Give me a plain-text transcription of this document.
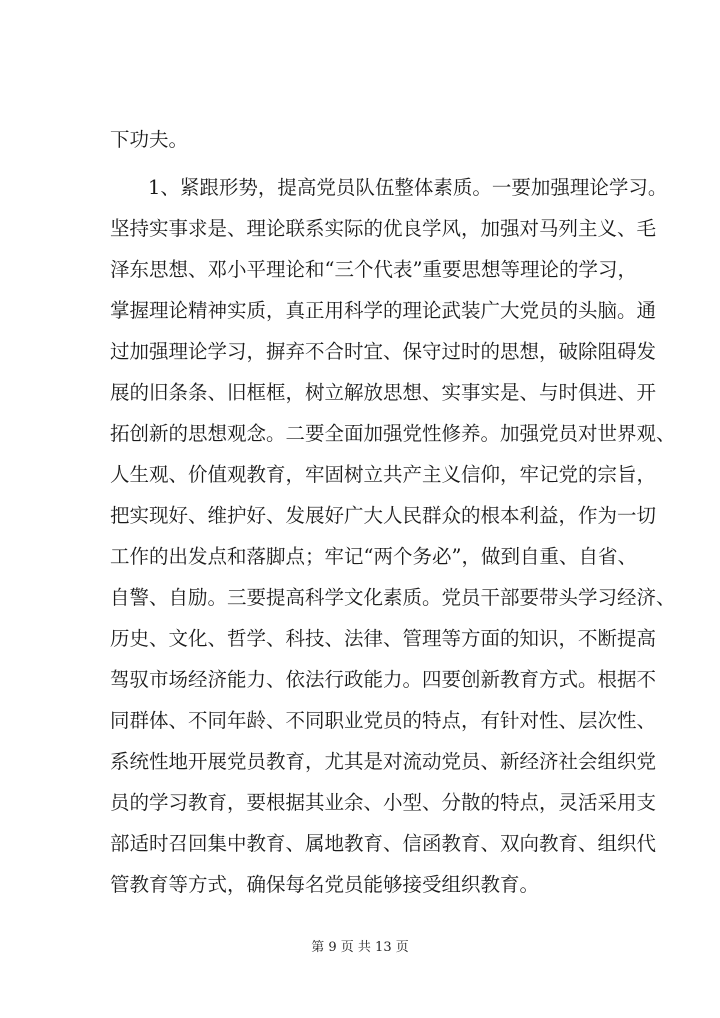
下功夫。
1、紧跟形势，提高党员队伍整体素质。一要加强理论学习。
坚持实事求是、理论联系实际的优良学风，加强对马列主义、毛
泽东思想、邓小平理论和“三个代表”重要思想等理论的学习，
掌握理论精神实质，真正用科学的理论武装广大党员的头脑。通
过加强理论学习，摒弃不合时宜、保守过时的思想，破除阻碍发
展的旧条条、旧框框，树立解放思想、实事实是、与时俱进、开
拓创新的思想观念。二要全面加强党性修养。加强党员对世界观、
人生观、价值观教育，牢固树立共产主义信仰，牢记党的宗旨，
把实现好、维护好、发展好广大人民群众的根本利益，作为一切
工作的出发点和落脚点；牢记“两个务必”，做到自重、自省、
自警、自励。三要提高科学文化素质。党员干部要带头学习经济、
历史、文化、哲学、科技、法律、管理等方面的知识，不断提高
驾驭市场经济能力、依法行政能力。四要创新教育方式。根据不
同群体、不同年龄、不同职业党员的特点，有针对性、层次性、
系统性地开展党员教育，尤其是对流动党员、新经济社会组织党
员的学习教育，要根据其业余、小型、分散的特点，灵活采用支
部适时召回集中教育、属地教育、信函教育、双向教育、组织代
管教育等方式，确保每名党员能够接受组织教育。
第 9 页 共 13 页
